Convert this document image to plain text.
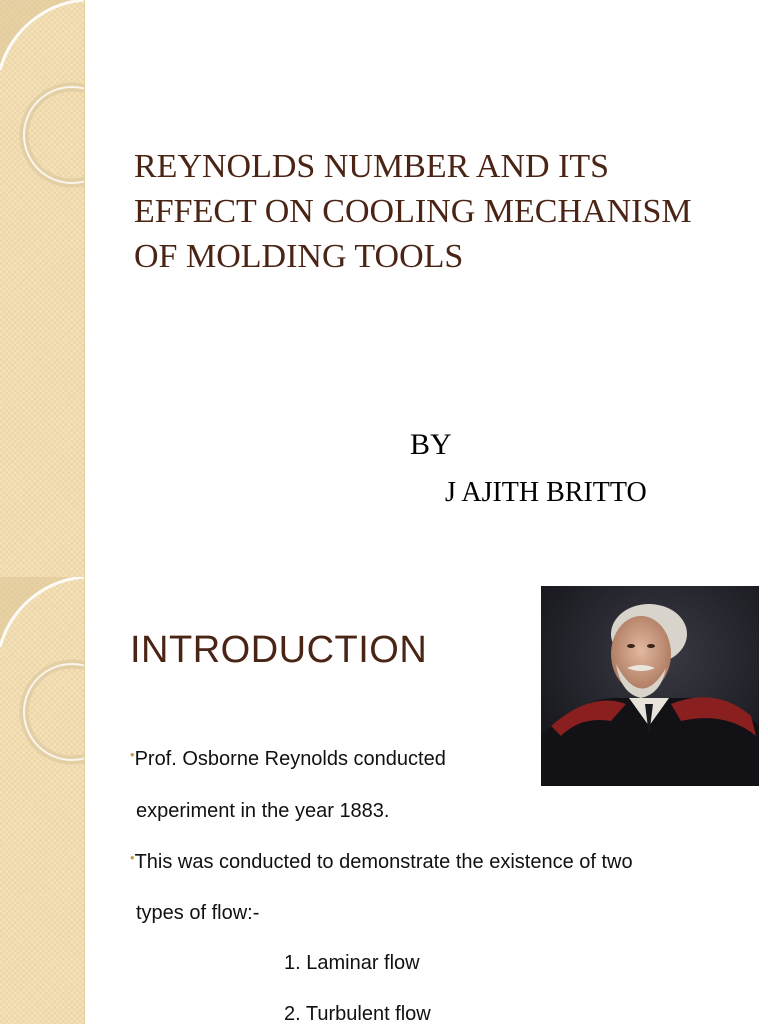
REYNOLDS NUMBER AND ITS EFFECT ON COOLING MECHANISM OF MOLDING TOOLS
BY
J AJITH BRITTO
INTRODUCTION
•Prof. Osborne Reynolds conducted
experiment in the year 1883.
•This was conducted to demonstrate the existence of two
types of flow:-
1. Laminar flow
2. Turbulent flow
